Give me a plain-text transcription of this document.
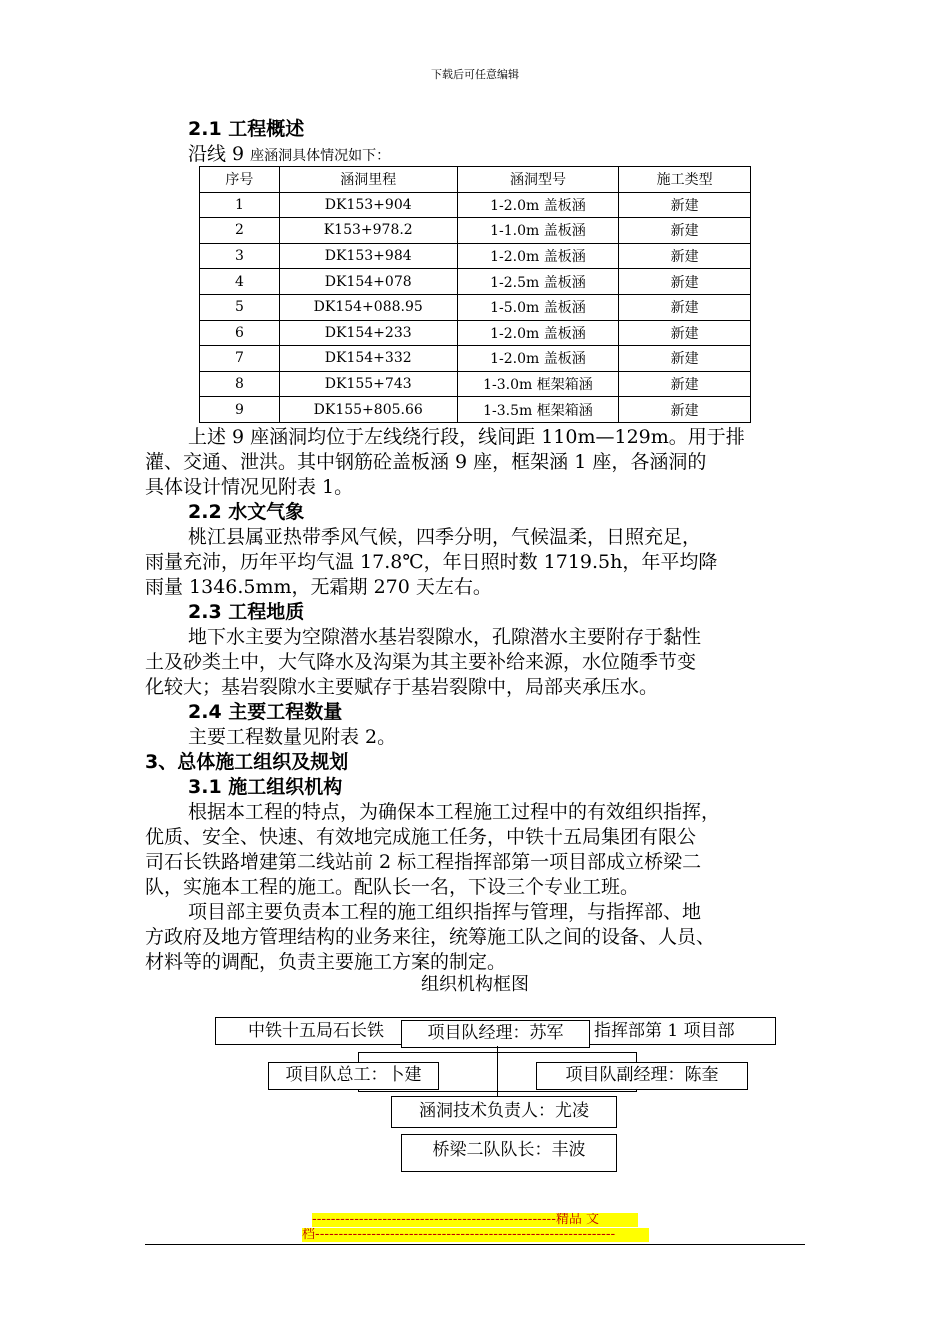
下载后可任意编辑
2.1 工程概述
沿线 9 座涵洞具体情况如下：
序号	涵洞里程	涵洞型号	施工类型
1	DK153+904	1-2.0m 盖板涵	新建
2	K153+978.2	1-1.0m 盖板涵	新建
3	DK153+984	1-2.0m 盖板涵	新建
4	DK154+078	1-2.5m 盖板涵	新建
5	DK154+088.95	1-5.0m 盖板涵	新建
6	DK154+233	1-2.0m 盖板涵	新建
7	DK154+332	1-2.0m 盖板涵	新建
8	DK155+743	1-3.0m 框架箱涵	新建
9	DK155+805.66	1-3.5m 框架箱涵	新建
上述 9 座涵洞均位于左线绕行段，线间距 110m—129m。用于排
灌、交通、泄洪。其中钢筋砼盖板涵 9 座，框架涵 1 座，各涵洞的
具体设计情况见附表 1。
2.2 水文气象
桃江县属亚热带季风气候，四季分明，气候温柔，日照充足，
雨量充沛，历年平均气温 17.8℃，年日照时数 1719.5h，年平均降
雨量 1346.5mm，无霜期 270 天左右。
2.3 工程地质
地下水主要为空隙潜水基岩裂隙水，孔隙潜水主要附存于黏性
土及砂类土中，大气降水及沟渠为其主要补给来源，水位随季节变
化较大；基岩裂隙水主要赋存于基岩裂隙中，局部夹承压水。
2.4 主要工程数量
主要工程数量见附表 2。
3、总体施工组织及规划
3.1 施工组织机构
根据本工程的特点，为确保本工程施工过程中的有效组织指挥，
优质、安全、快速、有效地完成施工任务，中铁十五局集团有限公
司石长铁路增建第二线站前 2 标工程指挥部第一项目部成立桥梁二
队，实施本工程的施工。配队长一名，下设三个专业工班。
项目部主要负责本工程的施工组织指挥与管理，与指挥部、地
方政府及地方管理结构的业务来往，统筹施工队之间的设备、人员、
材料等的调配，负责主要施工方案的制定。
组织机构框图
中铁十五局石长铁	指挥部第 1 项目部
项目队经理：苏军
项目队总工：卜建	项目队副经理：陈奎
涵洞技术负责人：尤凌
桥梁二队队长：丰波
----------------------------------------------------精品 文
档----------------------------------------------------------------
